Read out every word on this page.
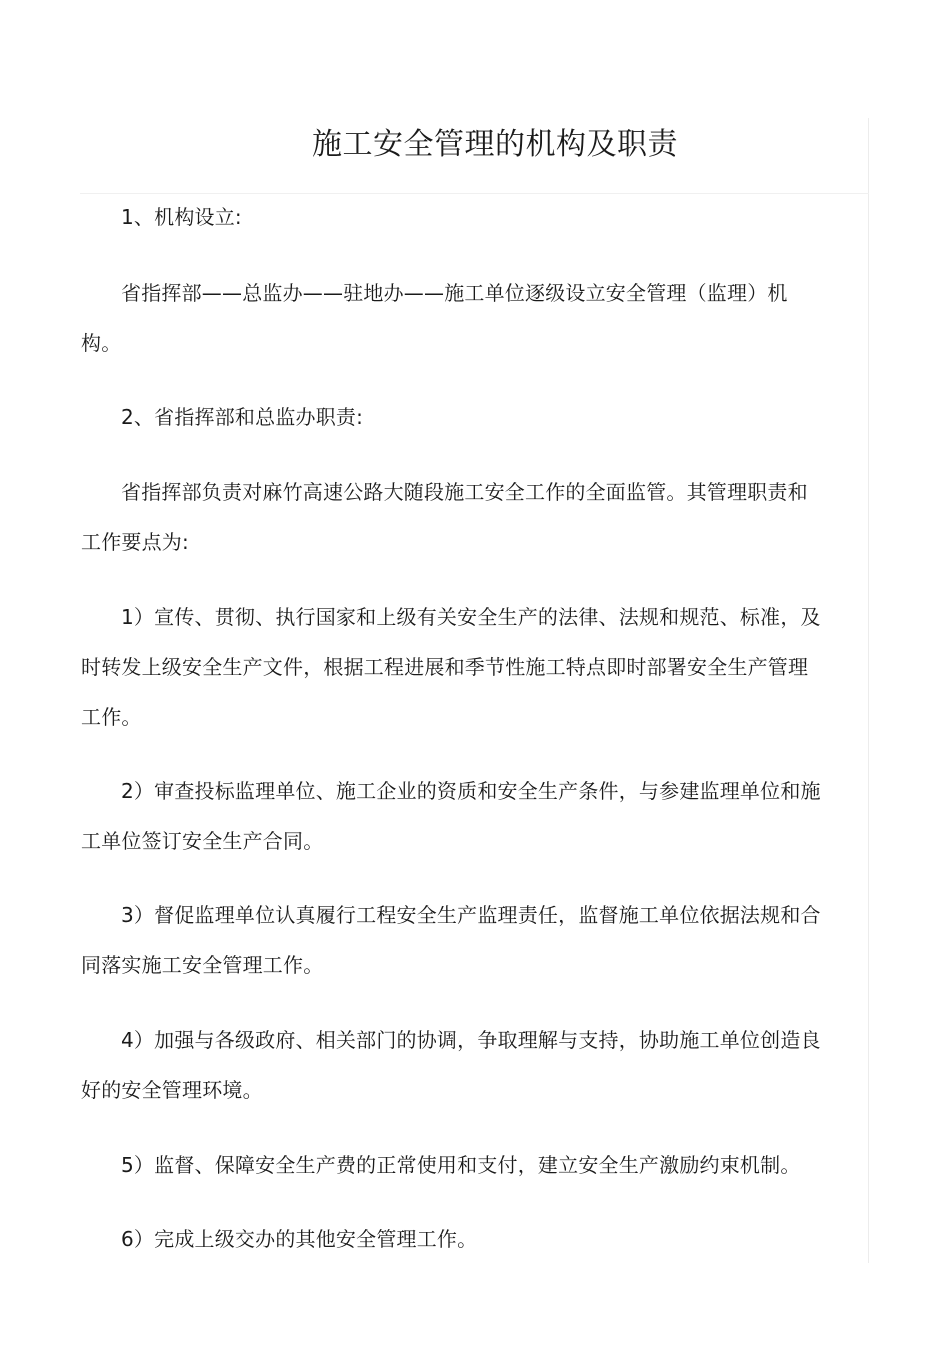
施工安全管理的机构及职责

1、机构设立:

省指挥部——总监办——驻地办——施工单位逐级设立安全管理（监理）机构。

2、省指挥部和总监办职责:

省指挥部负责对麻竹高速公路大随段施工安全工作的全面监管。其管理职责和工作要点为:

1）宣传、贯彻、执行国家和上级有关安全生产的法律、法规和规范、标准，及时转发上级安全生产文件，根据工程进展和季节性施工特点即时部署安全生产管理工作。

2）审查投标监理单位、施工企业的资质和安全生产条件，与参建监理单位和施工单位签订安全生产合同。

3）督促监理单位认真履行工程安全生产监理责任，监督施工单位依据法规和合同落实施工安全管理工作。

4）加强与各级政府、相关部门的协调，争取理解与支持，协助施工单位创造良好的安全管理环境。

5）监督、保障安全生产费的正常使用和支付，建立安全生产激励约束机制。

6）完成上级交办的其他安全管理工作。
